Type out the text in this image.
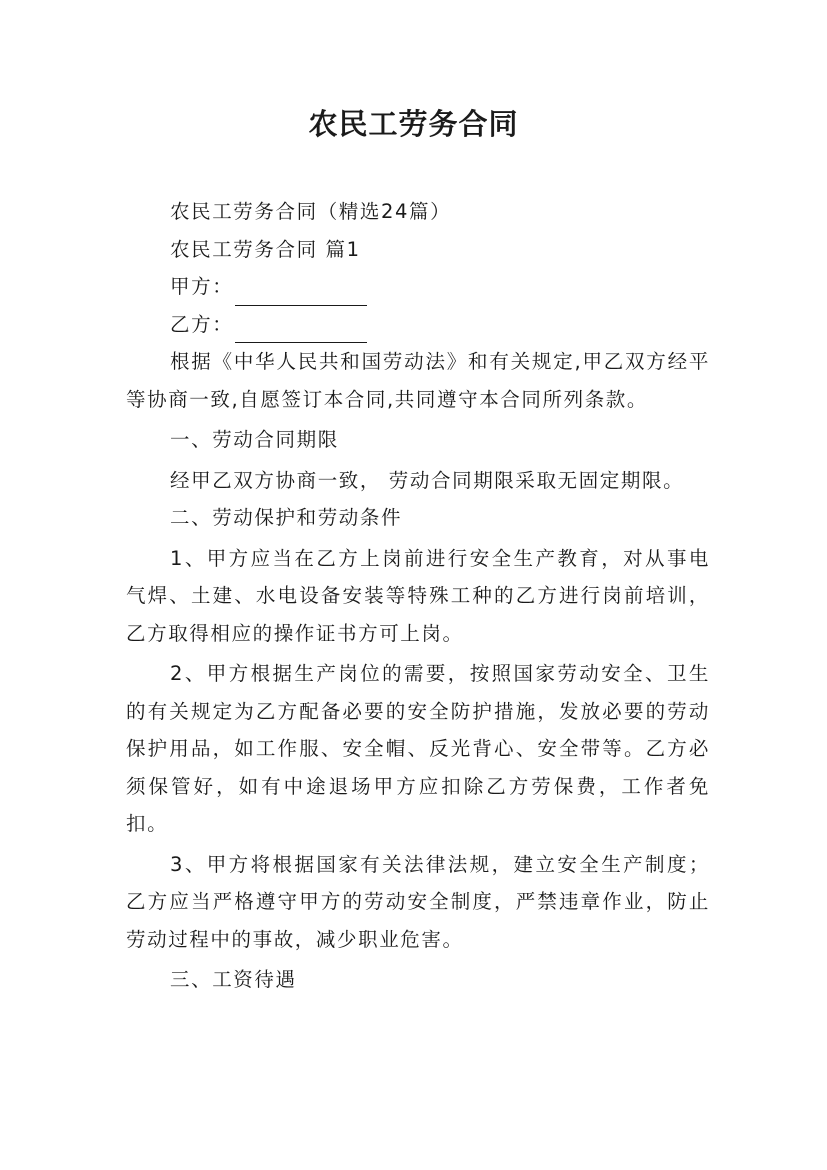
农民工劳务合同

农民工劳务合同（精选24篇）

农民工劳务合同 篇1

甲方：

乙方：

根据《中华人民共和国劳动法》和有关规定,甲乙双方经平等协商一致,自愿签订本合同,共同遵守本合同所列条款。

一、劳动合同期限

经甲乙双方协商一致， 劳动合同期限采取无固定期限。

二、劳动保护和劳动条件

1、甲方应当在乙方上岗前进行安全生产教育，对从事电气焊、土建、水电设备安装等特殊工种的乙方进行岗前培训，乙方取得相应的操作证书方可上岗。

2、甲方根据生产岗位的需要，按照国家劳动安全、卫生的有关规定为乙方配备必要的安全防护措施，发放必要的劳动保护用品，如工作服、安全帽、反光背心、安全带等。乙方必须保管好，如有中途退场甲方应扣除乙方劳保费，工作者免扣。

3、甲方将根据国家有关法律法规，建立安全生产制度；乙方应当严格遵守甲方的劳动安全制度，严禁违章作业，防止劳动过程中的事故，减少职业危害。

三、工资待遇
